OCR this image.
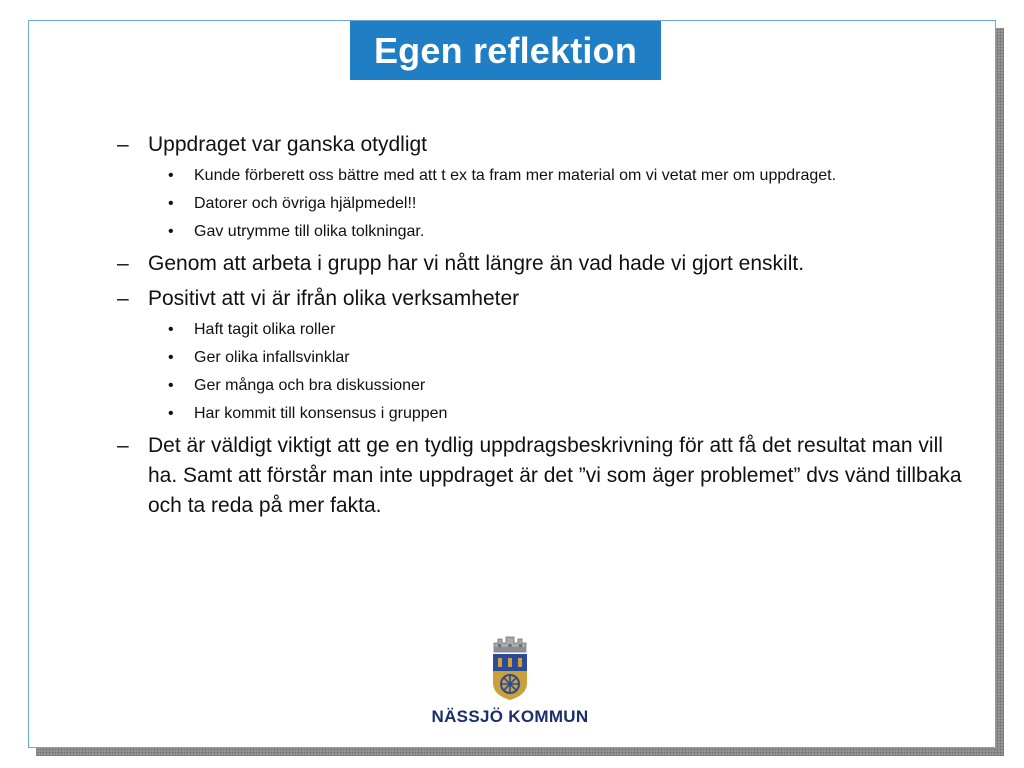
Egen reflektion
– Uppdraget var ganska otydligt
• Kunde förberett oss bättre med att t ex ta fram mer material om vi vetat mer om uppdraget.
• Datorer och övriga hjälpmedel!!
• Gav utrymme till olika tolkningar.
– Genom att arbeta i grupp har vi nått längre än vad hade vi gjort enskilt.
– Positivt att vi är ifrån olika verksamheter
• Haft tagit olika roller
• Ger olika infallsvinklar
• Ger många och bra diskussioner
• Har kommit till konsensus i gruppen
– Det är väldigt viktigt att ge en tydlig uppdragsbeskrivning för att få det resultat man vill ha. Samt att förstår man inte uppdraget är det ”vi som äger problemet” dvs vänd tillbaka och ta reda på mer fakta.
NÄSSJÖ KOMMUN
